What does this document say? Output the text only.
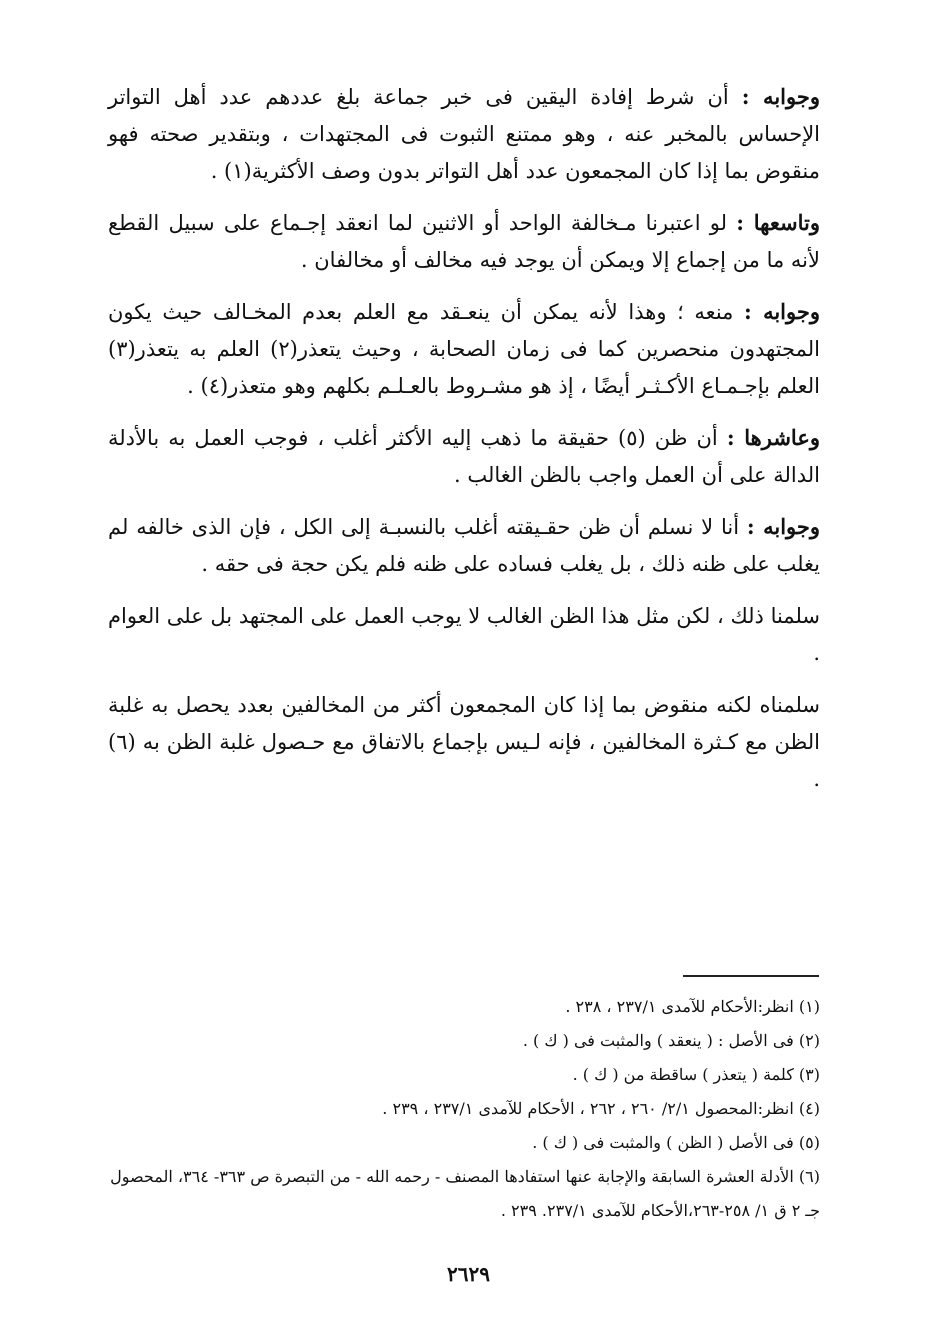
وجوابه : أن شرط إفادة اليقين فى خبر جماعة بلغ عددهم عدد أهل التواتر الإحساس بالمخبر عنه ، وهو ممتنع الثبوت فى المجتهدات ، وبتقدير صحته فهو منقوض بما إذا كان المجمعون عدد أهل التواتر بدون وصف الأكثرية(١) .

وتاسعها : لو اعتبرنا مـخالفة الواحد أو الاثنين لما انعقد إجـماع على سبيل القطع لأنه ما من إجماع إلا ويمكن أن يوجد فيه مخالف أو مخالفان .

وجوابه : منعه ؛ وهذا لأنه يمكن أن ينعـقد مع العلم بعدم المخـالف حيث يكون المجتهدون منحصرين كما فى زمان الصحابة ، وحيث يتعذر(٢) العلم به يتعذر(٣) العلم بإجـمـاع الأكـثـر أيضًا ، إذ هو مشـروط بالعـلـم بكلهم وهو متعذر(٤) .

وعاشرها : أن ظن (٥) حقيقة ما ذهب إليه الأكثر أغلب ، فوجب العمل به بالأدلة الدالة على أن العمل واجب بالظن الغالب .

وجوابه : أنا لا نسلم أن ظن حقـيقته أغلب بالنسبـة إلى الكل ، فإن الذى خالفه لم يغلب على ظنه ذلك ، بل يغلب فساده على ظنه فلم يكن حجة فى حقه .

سلمنا ذلك ، لكن مثل هذا الظن الغالب لا يوجب العمل على المجتهد بل على العوام .

سلمناه لكنه منقوض بما إذا كان المجمعون أكثر من المخالفين بعدد يحصل به غلبة الظن مع كـثرة المخالفين ، فإنه لـيس بإجماع بالاتفاق مع حـصول غلبة الظن به (٦) .

(١) انظر:الأحكام للآمدى ٢٣٧/١ ، ٢٣٨ .

(٢) فى الأصل : ( ينعقد ) والمثبت فى ( ك ) .

(٣) كلمة ( يتعذر ) ساقطة من ( ك ) .

(٤) انظر:المحصول ٢/١/ ٢٦٠ ، ٢٦٢ ، الأحكام للآمدى ٢٣٧/١ ، ٢٣٩ .

(٥) فى الأصل ( الظن ) والمثبت فى ( ك ) .

(٦) الأدلة العشرة السابقة والإجابة عنها استفادها المصنف - رحمه الله - من التبصرة ص ٣٦٣- ٣٦٤، المحصول جـ ٢ ق ١/ ٢٥٨-٢٦٣،الأحكام للآمدى ٢٣٧/١. ٢٣٩ .

٢٦٢٩
